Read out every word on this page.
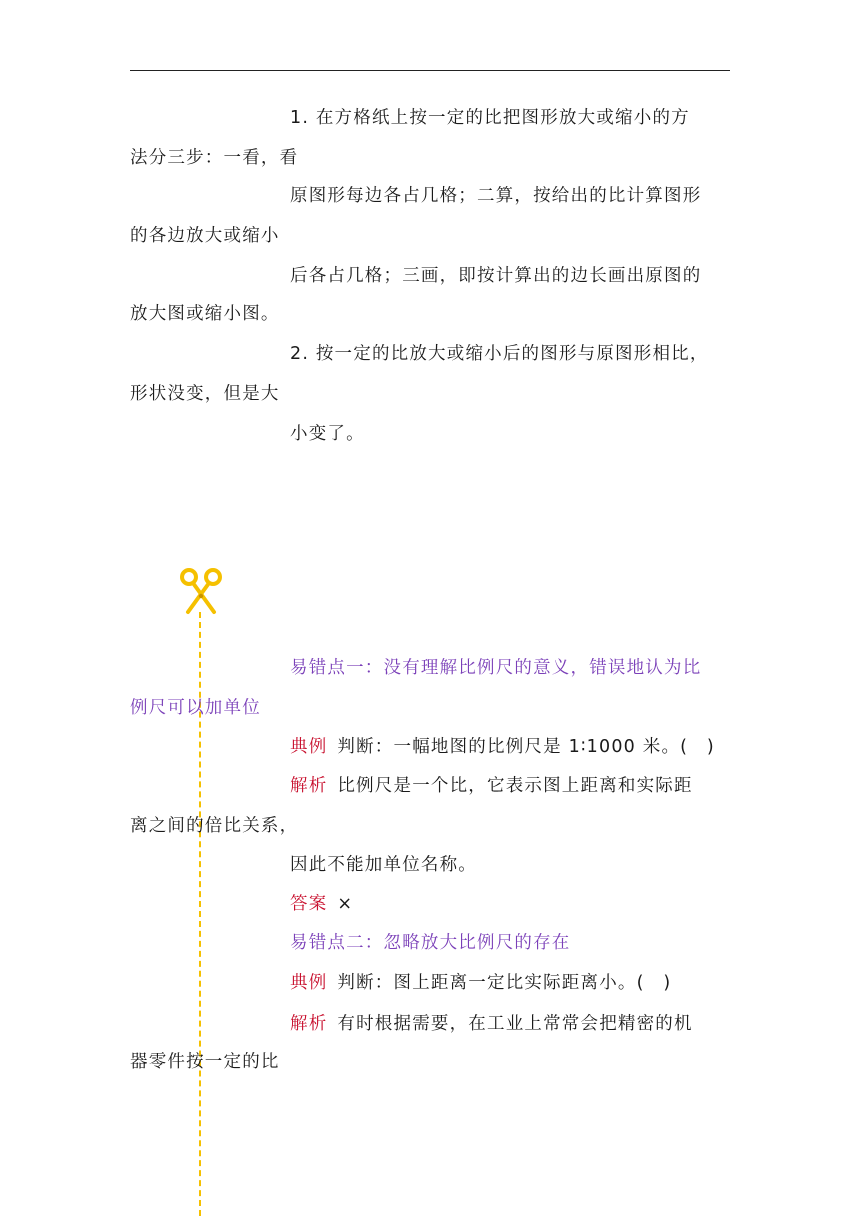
1. 在方格纸上按一定的比把图形放大或缩小的方
法分三步：一看，看
原图形每边各占几格；二算，按给出的比计算图形
的各边放大或缩小
后各占几格；三画，即按计算出的边长画出原图的
放大图或缩小图。
2. 按一定的比放大或缩小后的图形与原图形相比，
形状没变，但是大
小变了。
易错点一：没有理解比例尺的意义，错误地认为比
例尺可以加单位
典例 判断：一幅地图的比例尺是 1∶1000 米。(　)
解析 比例尺是一个比，它表示图上距离和实际距
离之间的倍比关系，
因此不能加单位名称。
答案 ×
易错点二：忽略放大比例尺的存在
典例 判断：图上距离一定比实际距离小。(　)
解析 有时根据需要，在工业上常常会把精密的机
器零件按一定的比
